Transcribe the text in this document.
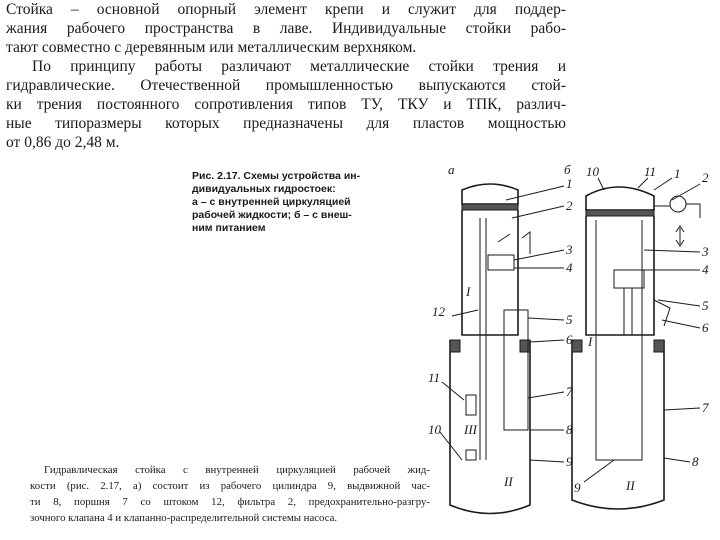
Стойка – основной опорный элемент крепи и служит для поддер-
жания рабочего пространства в лаве. Индивидуальные стойки рабо-
тают совместно с деревянным или металлическим верхняком.
По принципу работы различают металлические стойки трения и
гидравлические. Отечественной промышленностью выпускаются стой-
ки трения постоянного сопротивления типов ТУ, ТКУ и ТПК, различ-
ные типоразмеры которых предназначены для пластов мощностью
от 0,86 до 2,48 м.
Рис. 2.17. Схемы устройства ин-
дивидуальных гидростоек:
а – с внутренней циркуляцией
рабочей жидкости; б – с внеш-
ним питанием
Гидравлическая стойка с внутренней циркуляцией рабочей жид-
кости (рис. 2.17, а) состоит из рабочего цилиндра 9, выдвижной час-
ти 8, поршня 7 со штоком 12, фильтра 2, предохранительно-разгру-
зочного клапана 4 и клапанно-распределительной системы насоса.
а	б
1
2
3
4
5
6
7
8
9
10
11
12
I
II
III
1 2
3
4
5
6
7
8
9
10	11
I
II
